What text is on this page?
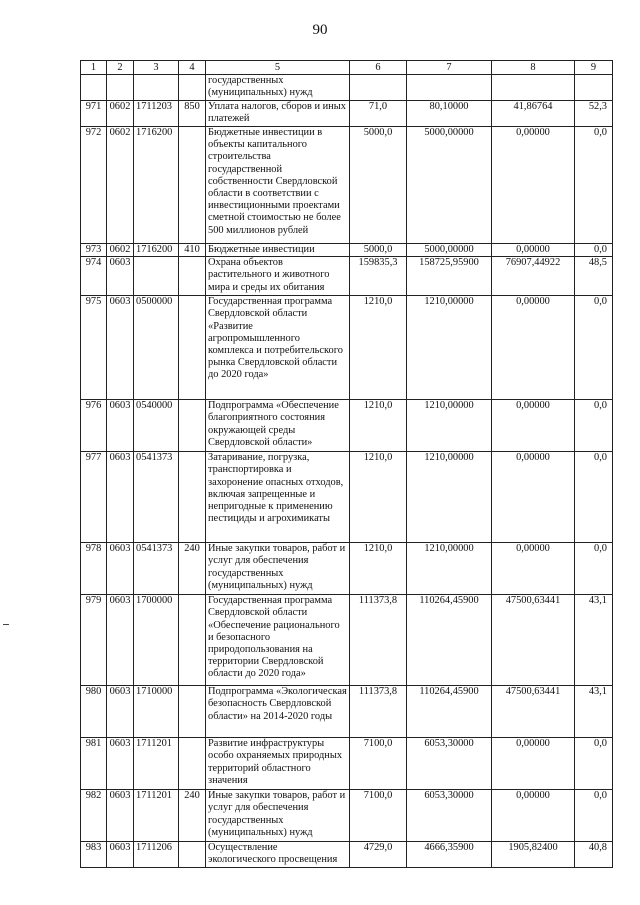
90
1	2	3	4	5	6	7	8	9
				государственных (муниципальных) нужд				
971	0602	1711203	850	Уплата налогов, сборов и иных платежей	71,0	80,10000	41,86764	52,3
972	0602	1716200		Бюджетные инвестиции в объекты капитального строительства государственной собственности Свердловской области в соответствии с инвестиционными проектами сметной стоимостью не более 500 миллионов рублей	5000,0	5000,00000	0,00000	0,0
973	0602	1716200	410	Бюджетные инвестиции	5000,0	5000,00000	0,00000	0,0
974	0603			Охрана объектов растительного и животного мира и среды их обитания	159835,3	158725,95900	76907,44922	48,5
975	0603	0500000		Государственная программа Свердловской области «Развитие агропромышленного комплекса и потребительского рынка Свердловской области до 2020 года»	1210,0	1210,00000	0,00000	0,0
976	0603	0540000		Подпрограмма «Обеспечение благоприятного состояния окружающей среды Свердловской области»	1210,0	1210,00000	0,00000	0,0
977	0603	0541373		Затаривание, погрузка, транспортировка и захоронение опасных отходов, включая запрещенные и непригодные к применению пестициды и агрохимикаты	1210,0	1210,00000	0,00000	0,0
978	0603	0541373	240	Иные закупки товаров, работ и услуг для обеспечения государственных (муниципальных) нужд	1210,0	1210,00000	0,00000	0,0
979	0603	1700000		Государственная программа Свердловской области «Обеспечение рационального и безопасного природопользования на территории Свердловской области до 2020 года»	111373,8	110264,45900	47500,63441	43,1
980	0603	1710000		Подпрограмма «Экологическая безопасность Свердловской области» на 2014-2020 годы	111373,8	110264,45900	47500,63441	43,1
981	0603	1711201		Развитие инфраструктуры особо охраняемых природных территорий областного значения	7100,0	6053,30000	0,00000	0,0
982	0603	1711201	240	Иные закупки товаров, работ и услуг для обеспечения государственных (муниципальных) нужд	7100,0	6053,30000	0,00000	0,0
983	0603	1711206		Осуществление экологического просвещения	4729,0	4666,35900	1905,82400	40,8
